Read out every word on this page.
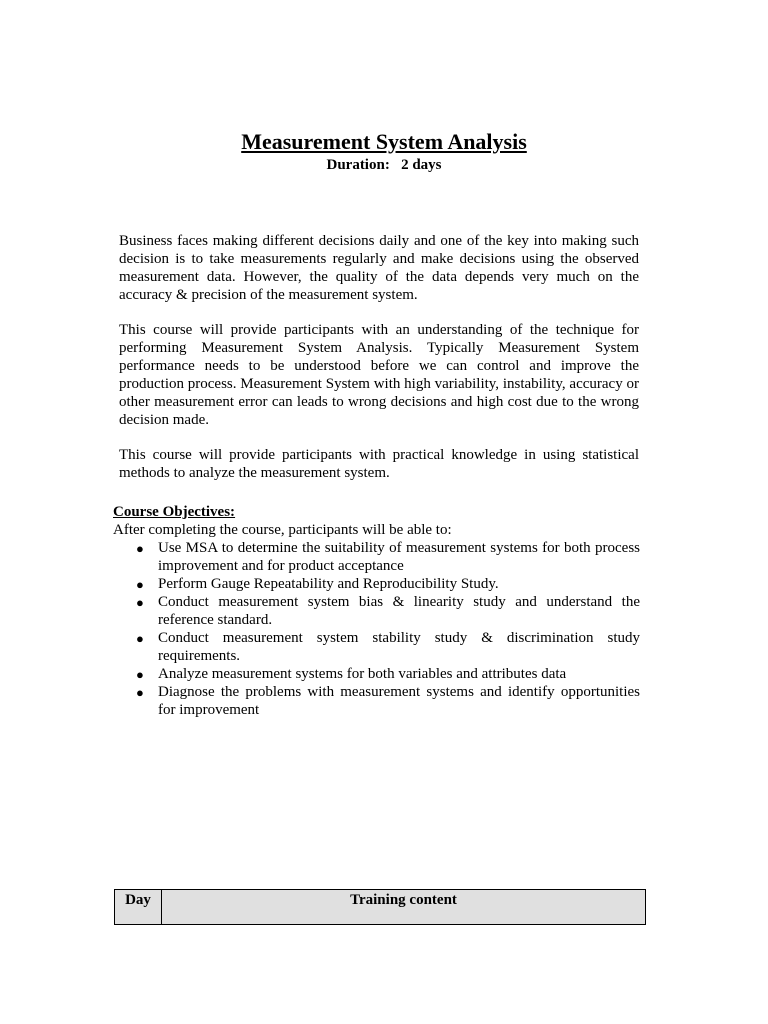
Measurement System Analysis
Duration:   2 days

Business faces making different decisions daily and one of the key into making such decision is to take measurements regularly and make decisions using the observed measurement data. However, the quality of the data depends very much on the accuracy & precision of the measurement system.

This course will provide participants with an understanding of the technique for performing Measurement System Analysis. Typically Measurement System performance needs to be understood before we can control and improve the production process. Measurement System with high variability, instability, accuracy or other measurement error can leads to wrong decisions and high cost due to the wrong decision made.

This course will provide participants with practical knowledge in using statistical methods to analyze the measurement system.

Course Objectives:
After completing the course, participants will be able to:
● Use MSA to determine the suitability of measurement systems for both process improvement and for product acceptance
● Perform Gauge Repeatability and Reproducibility Study.
● Conduct measurement system bias & linearity study and understand the reference standard.
● Conduct measurement system stability study & discrimination study requirements.
● Analyze measurement systems for both variables and attributes data
● Diagnose the problems with measurement systems and identify opportunities for improvement
Day	Training content
